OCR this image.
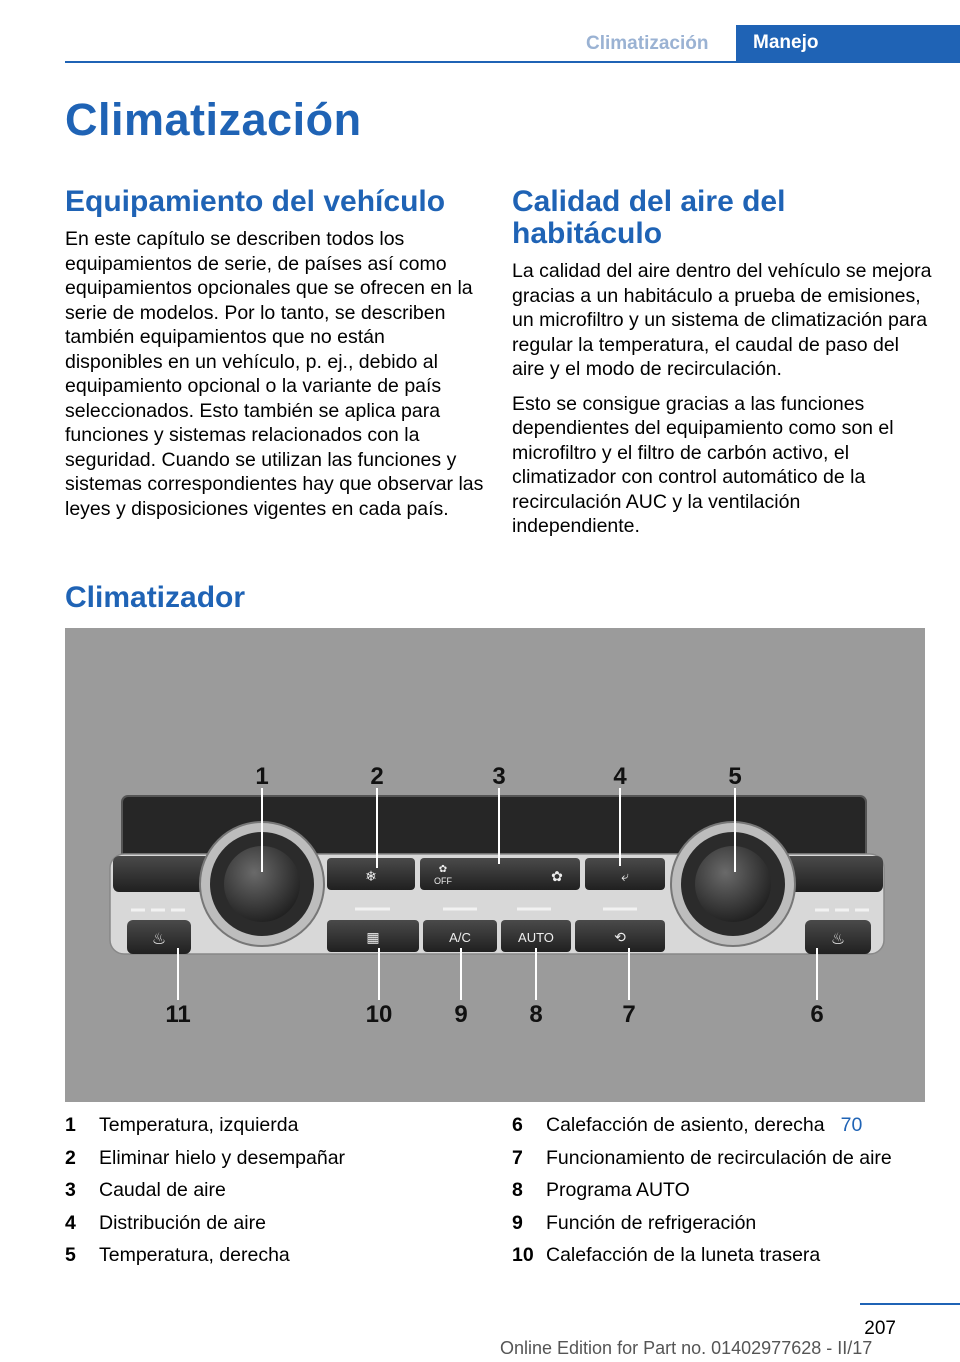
Climatización	Manejo
Climatización
Equipamiento del vehículo

En este capítulo se describen todos los equipamientos de serie, de países así como equipamientos opcionales que se ofrecen en la serie de modelos. Por lo tanto, se describen también equipamientos que no están disponibles en un vehículo, p. ej., debido al equipamiento opcional o la variante de país seleccionados. Esto también se aplica para funciones y sistemas relacionados con la seguridad. Cuando se utilizan las funciones y sistemas correspondientes hay que observar las leyes y disposiciones vigentes en cada país.

Calidad del aire del habitáculo

La calidad del aire dentro del vehículo se mejora gracias a un habitáculo a prueba de emisiones, un microfiltro y un sistema de climatización para regular la temperatura, el caudal de paso del aire y el modo de recirculación.

Esto se consigue gracias a las funciones dependientes del equipamiento como son el microfiltro y el filtro de carbón activo, el climatizador con control automático de la recirculación AUC y la ventilación independiente.

Climatizador
❄	✿
OFF	✿	⤶
▦	A/C	AUTO	⟲
♨	♨
1	2	3	4	5
11	10	9	8	7	6
1	Temperatura, izquierda
2	Eliminar hielo y desempañar
3	Caudal de aire
4	Distribución de aire
5	Temperatura, derecha
6	Calefacción de asiento, derecha 70
7	Funcionamiento de recirculación de aire
8	Programa AUTO
9	Función de refrigeración
10 Calefacción de la luneta trasera
207
Online Edition for Part no. 01402977628 - II/17
